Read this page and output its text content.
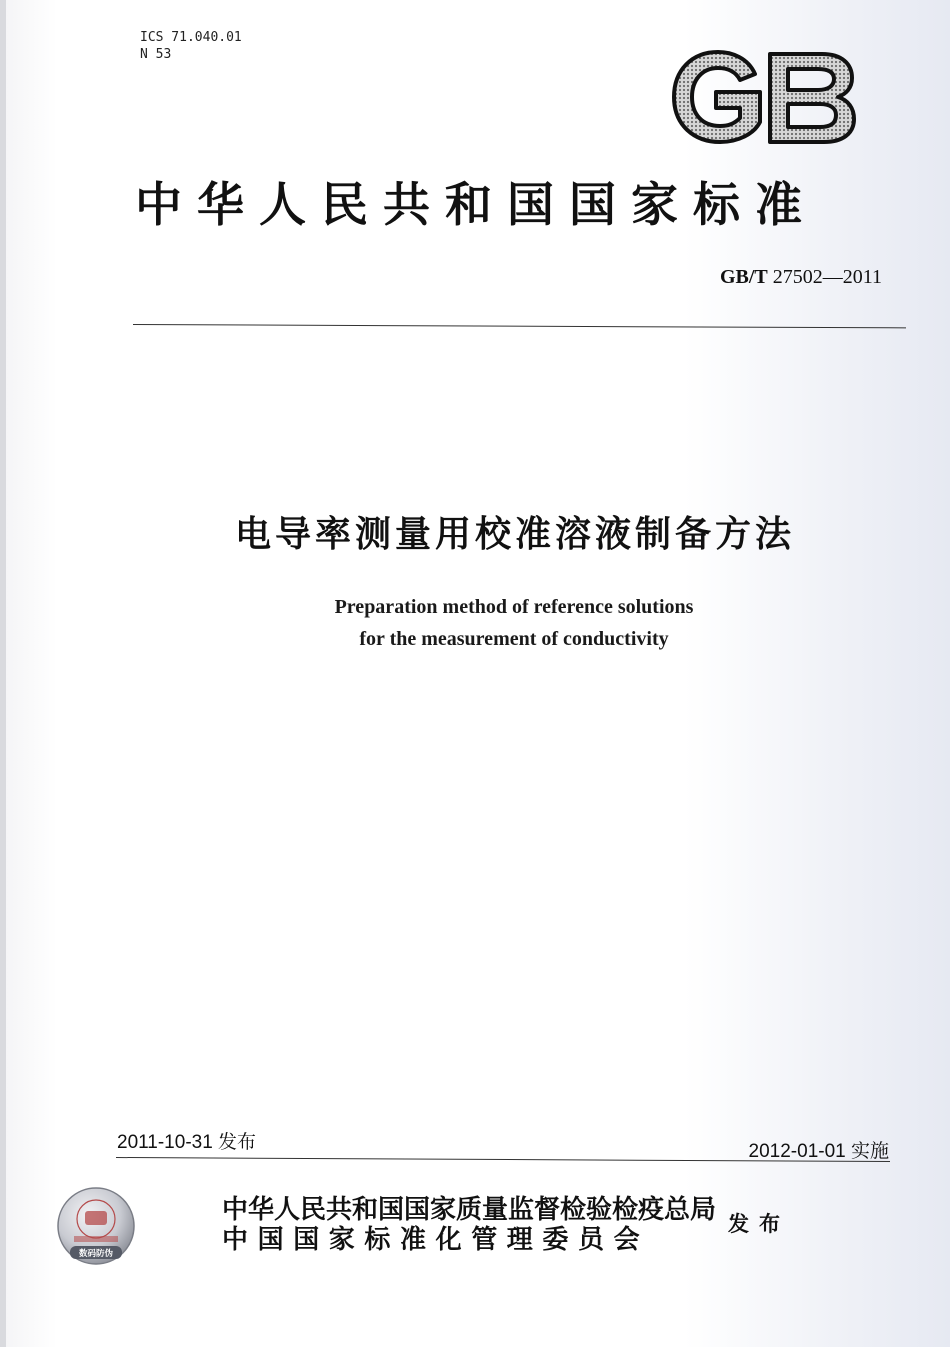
ICS 71.040.01
N 53
中华人民共和国国家标准
GB/T 27502—2011
电导率测量用校准溶液制备方法
Preparation method of reference solutions
for the measurement of conductivity
2011-10-31 发布	2012-01-01 实施
数码防伪
中华人民共和国国家质量监督检验检疫总局
中国国家标准化管理委员会
发布
